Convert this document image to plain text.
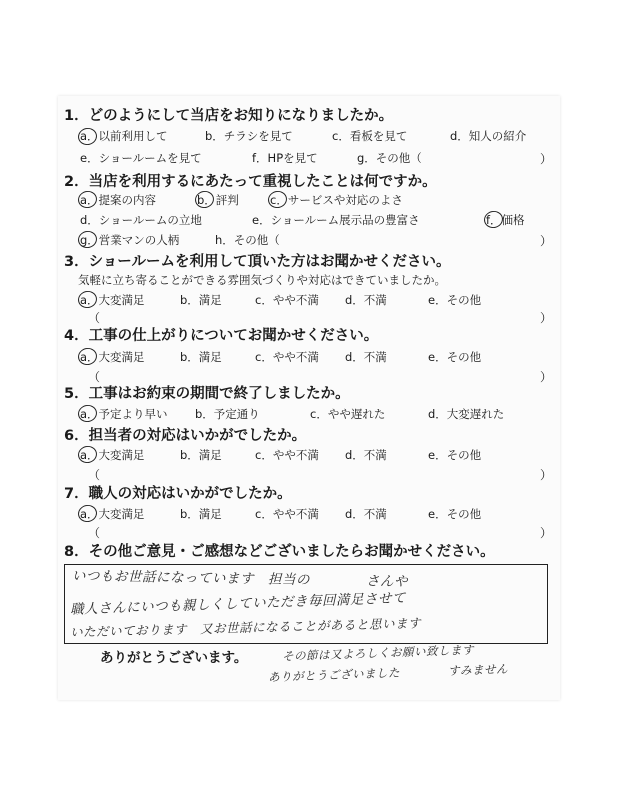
1．どのようにして当店をお知りになりましたか。
a．以前利用して	b．チラシを見て	c．看板を見て	d．知人の紹介
e．ショールームを見て	f．HPを見て	g．その他（	）
2．当店を利用するにあたって重視したことは何ですか。
a．提案の内容	b．評判	c．サービスや対応のよさ
d．ショールームの立地	e．ショールーム展示品の豊富さ	f．価格
g．営業マンの人柄	h．その他（	）
3．ショールームを利用して頂いた方はお聞かせください。
気軽に立ち寄ることができる雰囲気づくりや対応はできていましたか。
a．大変満足	b．満足	c．やや不満 d．不満	e．その他
（	）
4．工事の仕上がりについてお聞かせください。
a．大変満足	b．満足	c．やや不満 d．不満	e．その他
（	）
5．工事はお約束の期間で終了しましたか。
a．予定より早い b．予定通り	c．やや遅れた	d．大変遅れた
6．担当者の対応はいかがでしたか。
a．大変満足	b．満足	c．やや不満 d．不満	e．その他
（	）
7．職人の対応はいかがでしたか。
a．大変満足	b．満足	c．やや不満 d．不満	e．その他
（	）
8．その他ご意見・ご感想などございましたらお聞かせください。
いつもお世話になっています　担当の　　　　さんや
職人さんにいつも親しくしていただき毎回満足させて
いただいております　又お世話になることがあると思います
ありがとうございます。	その節は又よろしくお願い致します
ありがとうございました　　　　すみません
